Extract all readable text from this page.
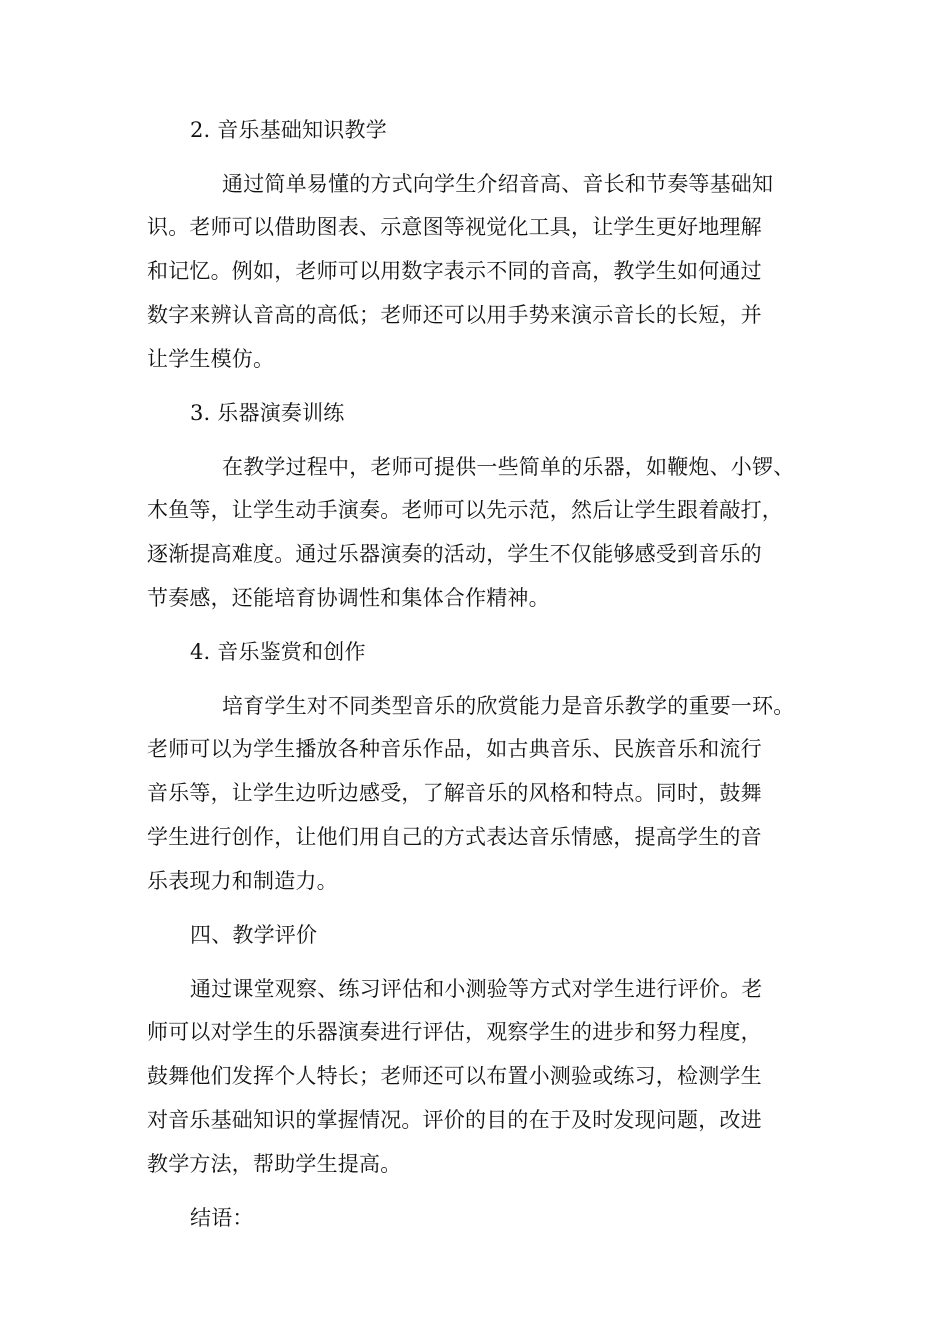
2. 音乐基础知识教学
通过简单易懂的方式向学生介绍音高、音长和节奏等基础知
识。老师可以借助图表、示意图等视觉化工具，让学生更好地理解
和记忆。例如，老师可以用数字表示不同的音高，教学生如何通过
数字来辨认音高的高低；老师还可以用手势来演示音长的长短，并
让学生模仿。
3. 乐器演奏训练
在教学过程中，老师可提供一些简单的乐器，如鞭炮、小锣、
木鱼等，让学生动手演奏。老师可以先示范，然后让学生跟着敲打，
逐渐提高难度。通过乐器演奏的活动，学生不仅能够感受到音乐的
节奏感，还能培育协调性和集体合作精神。
4. 音乐鉴赏和创作
培育学生对不同类型音乐的欣赏能力是音乐教学的重要一环。
老师可以为学生播放各种音乐作品，如古典音乐、民族音乐和流行
音乐等，让学生边听边感受，了解音乐的风格和特点。同时，鼓舞
学生进行创作，让他们用自己的方式表达音乐情感，提高学生的音
乐表现力和制造力。
四、教学评价
通过课堂观察、练习评估和小测验等方式对学生进行评价。老
师可以对学生的乐器演奏进行评估，观察学生的进步和努力程度，
鼓舞他们发挥个人特长；老师还可以布置小测验或练习，检测学生
对音乐基础知识的掌握情况。评价的目的在于及时发现问题，改进
教学方法，帮助学生提高。
结语：
